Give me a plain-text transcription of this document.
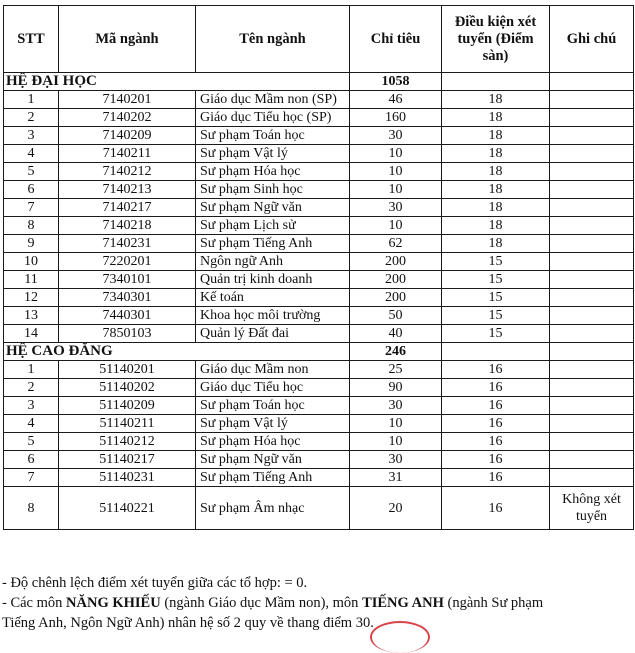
STT	Mã ngành	Tên ngành	Chỉ tiêu	Điều kiện xét tuyển (Điểm sàn)	Ghi chú
HỆ ĐẠI HỌC			1058		
1	7140201	Giáo dục Mầm non (SP)	46	18	
2	7140202	Giáo dục Tiểu học (SP)	160	18	
3	7140209	Sư phạm Toán học	30	18	
4	7140211	Sư phạm Vật lý	10	18	
5	7140212	Sư phạm Hóa học	10	18	
6	7140213	Sư phạm Sinh học	10	18	
7	7140217	Sư phạm Ngữ văn	30	18	
8	7140218	Sư phạm Lịch sử	10	18	
9	7140231	Sư phạm Tiếng Anh	62	18	
10	7220201	Ngôn ngữ Anh	200	15	
11	7340101	Quản trị kinh doanh	200	15	
12	7340301	Kế toán	200	15	
13	7440301	Khoa học môi trường	50	15	
14	7850103	Quản lý Đất đai	40	15	
HỆ CAO ĐẲNG			246		
1	51140201	Giáo dục Mầm non	25	16	
2	51140202	Giáo dục Tiểu học	90	16	
3	51140209	Sư phạm Toán học	30	16	
4	51140211	Sư phạm Vật lý	10	16	
5	51140212	Sư phạm Hóa học	10	16	
6	51140217	Sư phạm Ngữ văn	30	16	
7	51140231	Sư phạm Tiếng Anh	31	16	
8	51140221	Sư phạm Âm nhạc	20	16	Không xét tuyển
- Độ chênh lệch điểm xét tuyển giữa các tổ hợp: = 0.
- Các môn NĂNG KHIẾU (ngành Giáo dục Mầm non), môn TIẾNG ANH (ngành Sư phạm
Tiếng Anh, Ngôn Ngữ Anh) nhân hệ số 2 quy về thang điểm 30.
